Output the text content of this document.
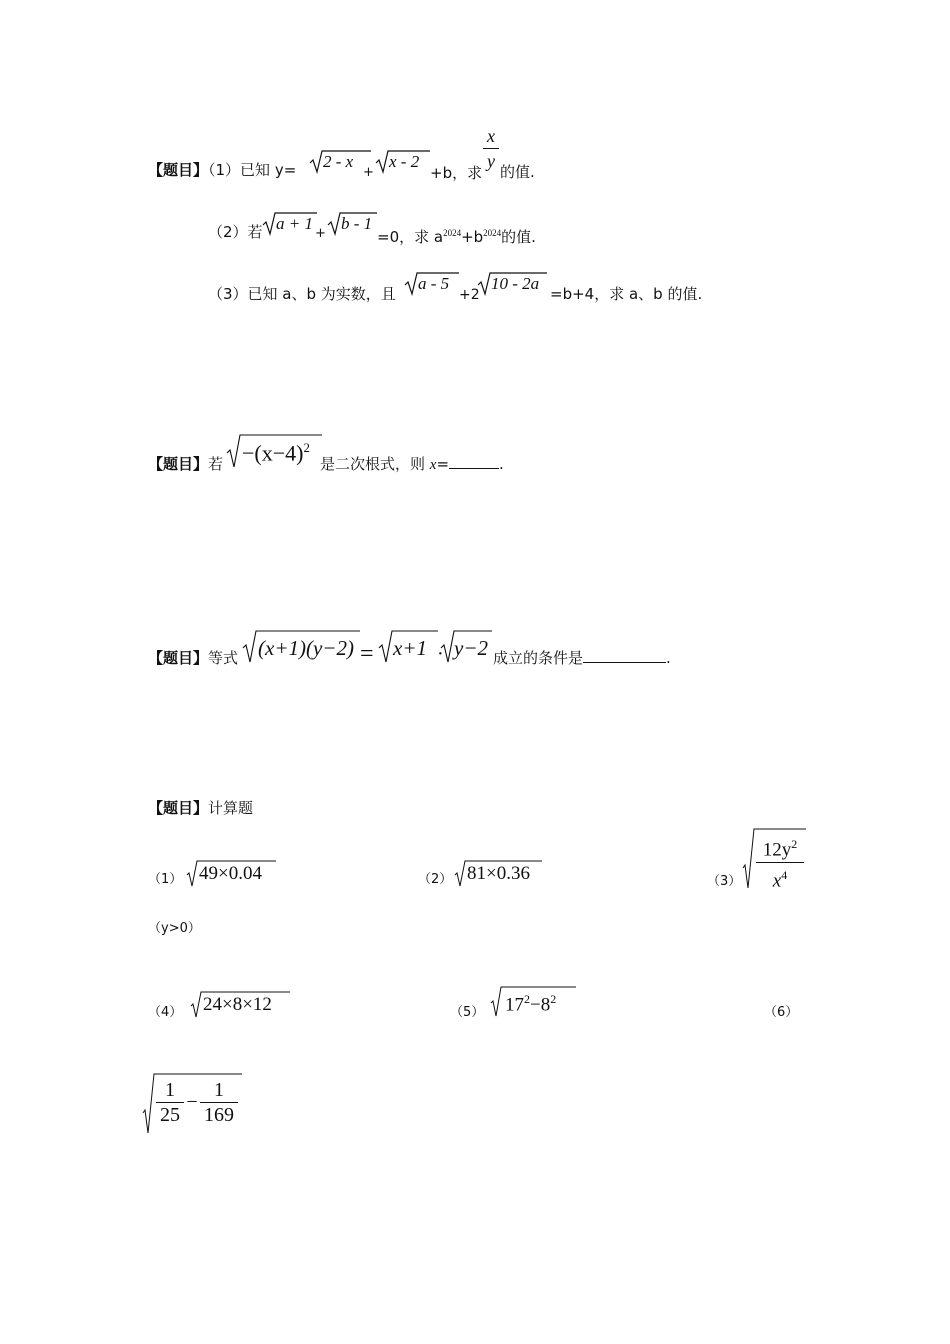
【题目】（1）已知 y= 2 - x
+
x - 2
+b，求
x
y
的值.
（2）若 a + 1
+
b - 1
=0，求 $a^{2024}+b^{2024}$的值.
（3）已知 a、b 为实数，且
a - 5
+2
10 - 2a
=b+4，求 a、b 的值.
【题目】若 $-(x-4)^2$
是二次根式，则 x=	.
【题目】等式 (x+1)(y−2) = x+1 · y−2 成立的条件是	.
【题目】计算题
（1） 49×0.04	（2） 81×0.36	（3）
$12y^2$
$x^4$
（y>0）
（4） 24×8×12	（5） $17^2-8^2$
（6）
1
25
−
1
169
